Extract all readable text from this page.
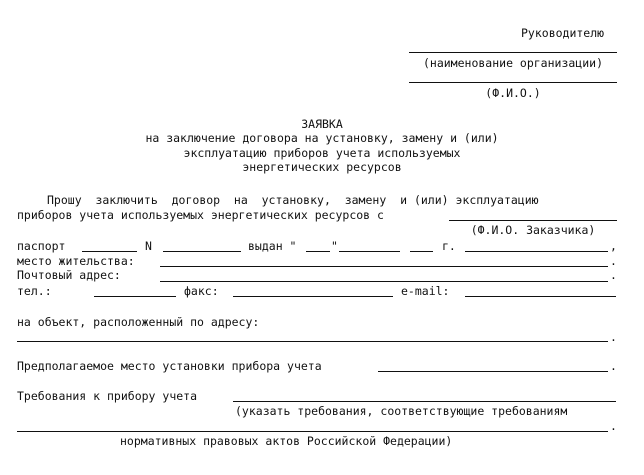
Руководителю
(наименование организации)
(Ф.И.О.)
ЗАЯВКА
на заключение договора на установку, замену и (или)
эксплуатацию приборов учета используемых
энергетических ресурсов
Прошу  заключить  договор  на  установку,  замену  и (или) эксплуатацию
приборов учета используемых энергетических ресурсов с
(Ф.И.О. Заказчика)
паспорт	N	выдан "	"	г.	,
место жительства:	.
Почтовый адрес:	.
тел.:	факс:	e-mail:
на объект, расположенный по адресу:
.
Предполагаемое место установки прибора учета	.
Требования к прибору учета
(указать требования, соответствующие требованиям
.
нормативных правовых актов Российской Федерации)
